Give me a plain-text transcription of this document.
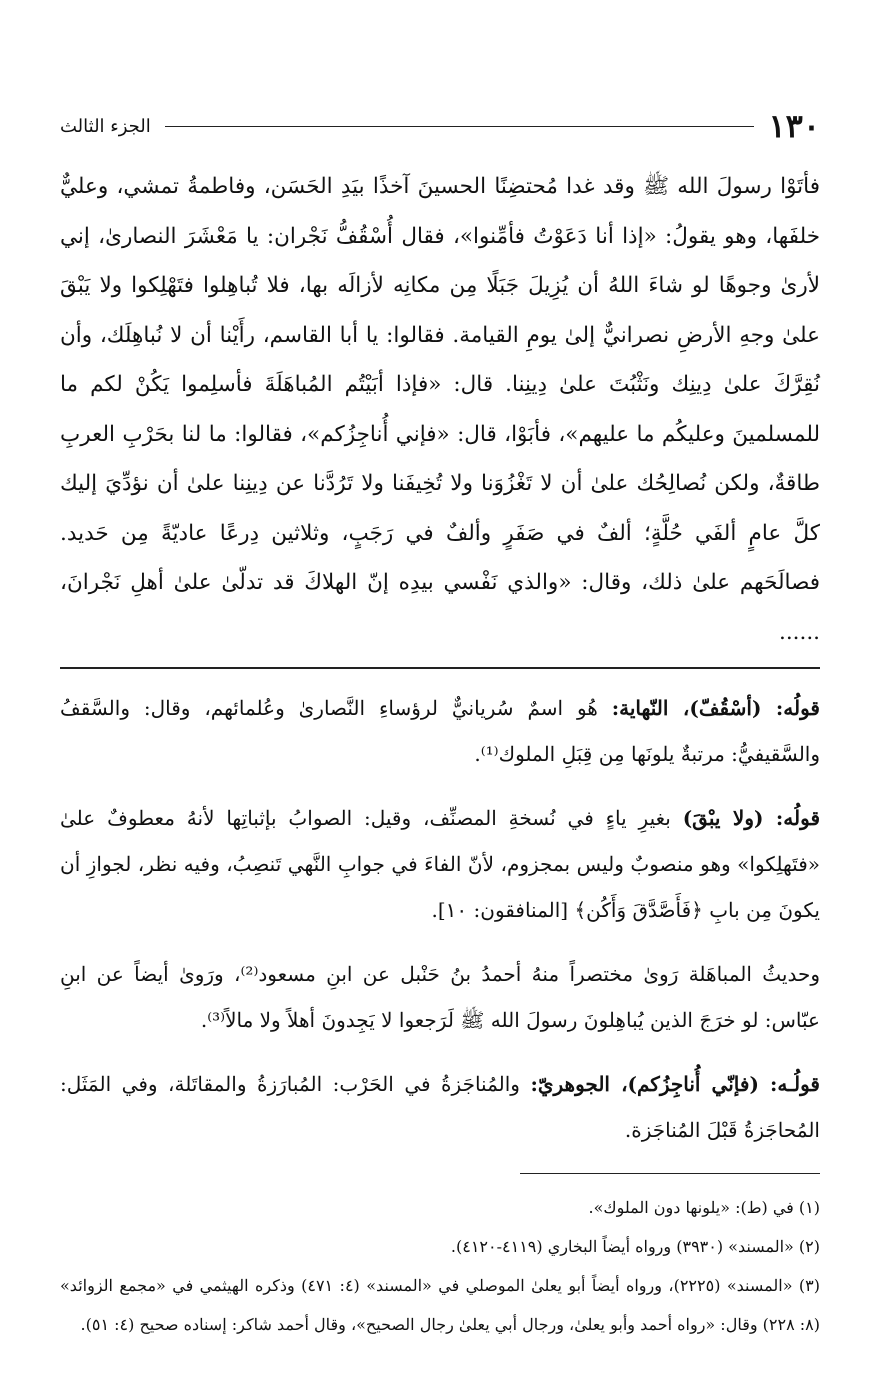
١٣٠
الجزء الثالث

فأتَوْا رسولَ الله ﷺ وقد غدا مُحتضِنًا الحسينَ آخذًا بيَدِ الحَسَن، وفاطمةُ تمشي، وعليٌّ خلفَها، وهو يقولُ: «إذا أنا دَعَوْتُ فأمِّنوا»، فقال أُسْقُفُّ نَجْران: يا مَعْشَرَ النصارىٰ، إني لأرىٰ وجوهًا لو شاءَ اللهُ أن يُزِيلَ جَبَلًا مِن مكانِه لأزالَه بها، فلا تُباهِلوا فتَهْلِكوا ولا يَبْقَ علىٰ وجهِ الأرضِ نصرانيٌّ إلىٰ يومِ القيامة. فقالوا: يا أبا القاسم، رأَيْنا أن لا نُباهِلَك، وأن نُقِرَّكَ علىٰ دِينِك ونَثْبُتَ علىٰ دِينِنا. قال: «فإذا أبَيْتُم المُباهَلَةَ فأسلِموا يَكُنْ لكم ما للمسلمينَ وعليكُم ما عليهم»، فأبَوْا، قال: «فإني أُناجِزُكم»، فقالوا: ما لنا بحَرْبِ العربِ طاقةٌ، ولكن نُصالِحُك علىٰ أن لا تَغْزُوَنا ولا تُخِيفَنا ولا تَرُدَّنا عن دِينِنا علىٰ أن نؤدِّيَ إليك كلَّ عامٍ ألفَي حُلَّةٍ؛ ألفٌ في صَفَرٍ وألفٌ في رَجَبٍ، وثلاثين دِرعًا عاديّةً مِن حَديد. فصالَحَهم علىٰ ذلك، وقال: «والذي نَفْسي بيدِه إنّ الهلاكَ قد تدلّىٰ علىٰ أهلِ نَجْرانَ، ......

قولُه: (أسْقُفّ)، النّهاية: هُو اسمٌ سُريانيٌّ لرؤساءِ النَّصارىٰ وعُلمائهم، وقال: والسَّقفُ والسَّقيفيُّ: مرتبةٌ يلونَها مِن قِبَلِ الملوك⁽¹⁾.

قولُه: (ولا يبْقَ) بغيرِ ياءٍ في نُسخةِ المصنِّف، وقيل: الصوابُ بإثباتِها لأنهُ معطوفٌ علىٰ «فتَهلِكوا» وهو منصوبٌ وليس بمجزوم، لأنّ الفاءَ في جوابِ النَّهي تَنصِبُ، وفيه نظر، لجوازِ أن يكونَ مِن بابِ ﴿فَأَصَّدَّقَ وَأَكُن﴾ [المنافقون: ١٠].

وحديثُ المباهَلة رَوىٰ مختصراً منهُ أحمدُ بنُ حَنْبل عن ابنِ مسعود⁽²⁾، ورَوىٰ أيضاً عن ابنِ عبّاس: لو خرَجَ الذين يُباهِلونَ رسولَ الله ﷺ لَرَجعوا لا يَجِدونَ أهلاً ولا مالاً⁽³⁾.

قولُـه: (فإنّي أُناجِزُكم)، الجوهريّ: والمُناجَزةُ في الحَرْب: المُبارَزةُ والمقاتَلة، وفي المَثَل: المُحاجَزةُ قَبْلَ المُناجَزة.

(١) في (ط): «يلونها دون الملوك».

(٢) «المسند» (٣٩٣٠) ورواه أيضاً البخاري (٤١١٩-٤١٢٠).

(٣) «المسند» (٢٢٢٥)، ورواه أيضاً أبو يعلىٰ الموصلي في «المسند» (٤: ٤٧١) وذكره الهيثمي في «مجمع الزوائد» (٨: ٢٢٨) وقال: «رواه أحمد وأبو يعلىٰ، ورجال أبي يعلىٰ رجال الصحيح»، وقال أحمد شاكر: إسناده صحيح (٤: ٥١).
